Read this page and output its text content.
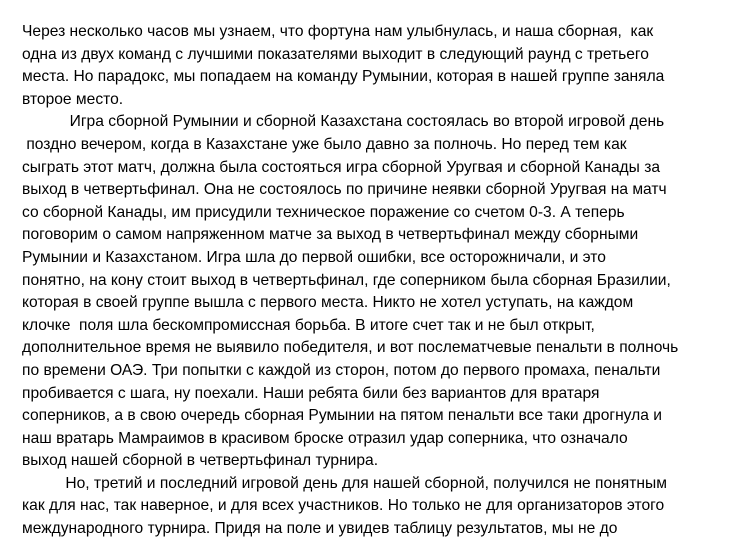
Через несколько часов мы узнаем, что фортуна нам улыбнулась, и наша сборная,  как
одна из двух команд с лучшими показателями выходит в следующий раунд с третьего
места. Но парадокс, мы попадаем на команду Румынии, которая в нашей группе заняла
второе место.
Игра сборной Румынии и сборной Казахстана состоялась во второй игровой день
поздно вечером, когда в Казахстане уже было давно за полночь. Но перед тем как
сыграть этот матч, должна была состояться игра сборной Уругвая и сборной Канады за
выход в четвертьфинал. Она не состоялось по причине неявки сборной Уругвая на матч
со сборной Канады, им присудили техническое поражение со счетом 0-3. А теперь
поговорим о самом напряженном матче за выход в четвертьфинал между сборными
Румынии и Казахстаном. Игра шла до первой ошибки, все осторожничали, и это
понятно, на кону стоит выход в четвертьфинал, где соперником была сборная Бразилии,
которая в своей группе вышла с первого места. Никто не хотел уступать, на каждом
клочке  поля шла бескомпромиссная борьба. В итоге счет так и не был открыт,
дополнительное время не выявило победителя, и вот послематчевые пенальти в полночь
по времени ОАЭ. Три попытки с каждой из сторон, потом до первого промаха, пенальти
пробивается с шага, ну поехали. Наши ребята били без вариантов для вратаря
соперников, а в свою очередь сборная Румынии на пятом пенальти все таки дрогнула и
наш вратарь Мамраимов в красивом броске отразил удар соперника, что означало
выход нашей сборной в четвертьфинал турнира.
Но, третий и последний игровой день для нашей сборной, получился не понятным
как для нас, так наверное, и для всех участников. Но только не для организаторов этого
международного турнира. Придя на поле и увидев таблицу результатов, мы не до
